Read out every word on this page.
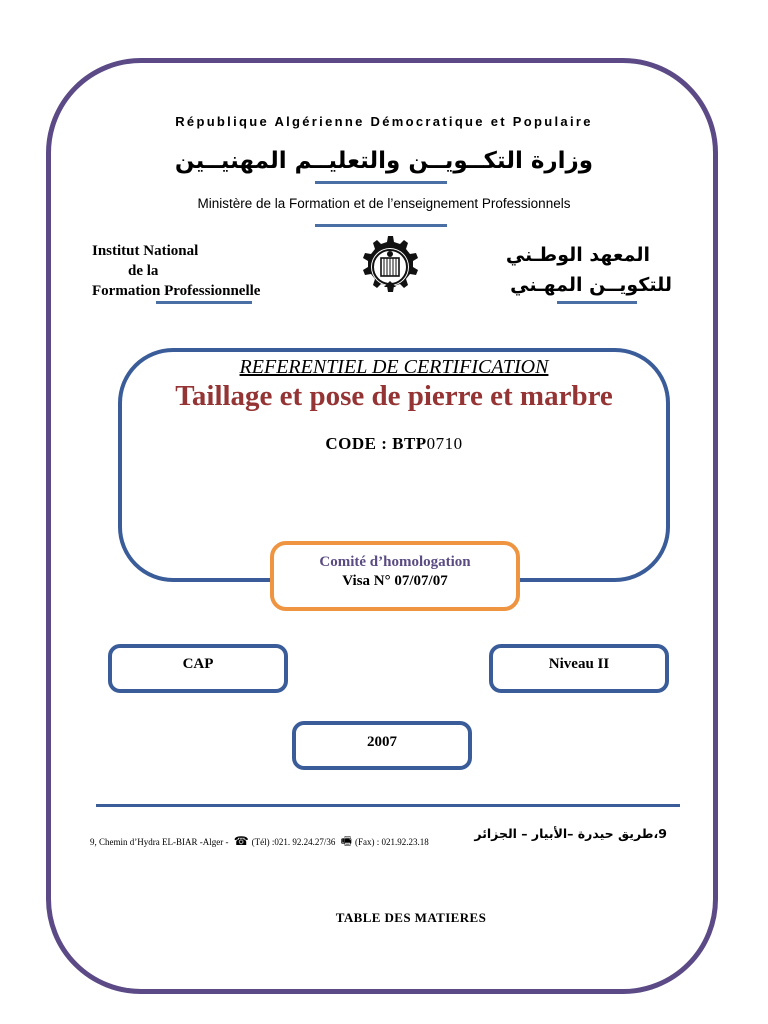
République Algérienne Démocratique et Populaire
وزارة التكــويــن والتعليــم المهنيــين
Ministère de la Formation et de l’enseignement Professionnels
Institut National
de la
Formation Professionnelle
المعهد الوطـني
للتكويــن المهـني
REFERENTIEL DE CERTIFICATION
Taillage et pose de pierre et marbre
CODE : BTP0710
Comité d’homologation
Visa N° 07/07/07
CAP	Niveau II
2007
9, Chemin d’Hydra EL-BIAR -Alger - ☎ (Tél) :021. 92.24.27/36 🖷 (Fax) : 021.92.23.18
9،طريق حيدرة –الأبيار – الجزائر
TABLE DES MATIERES
